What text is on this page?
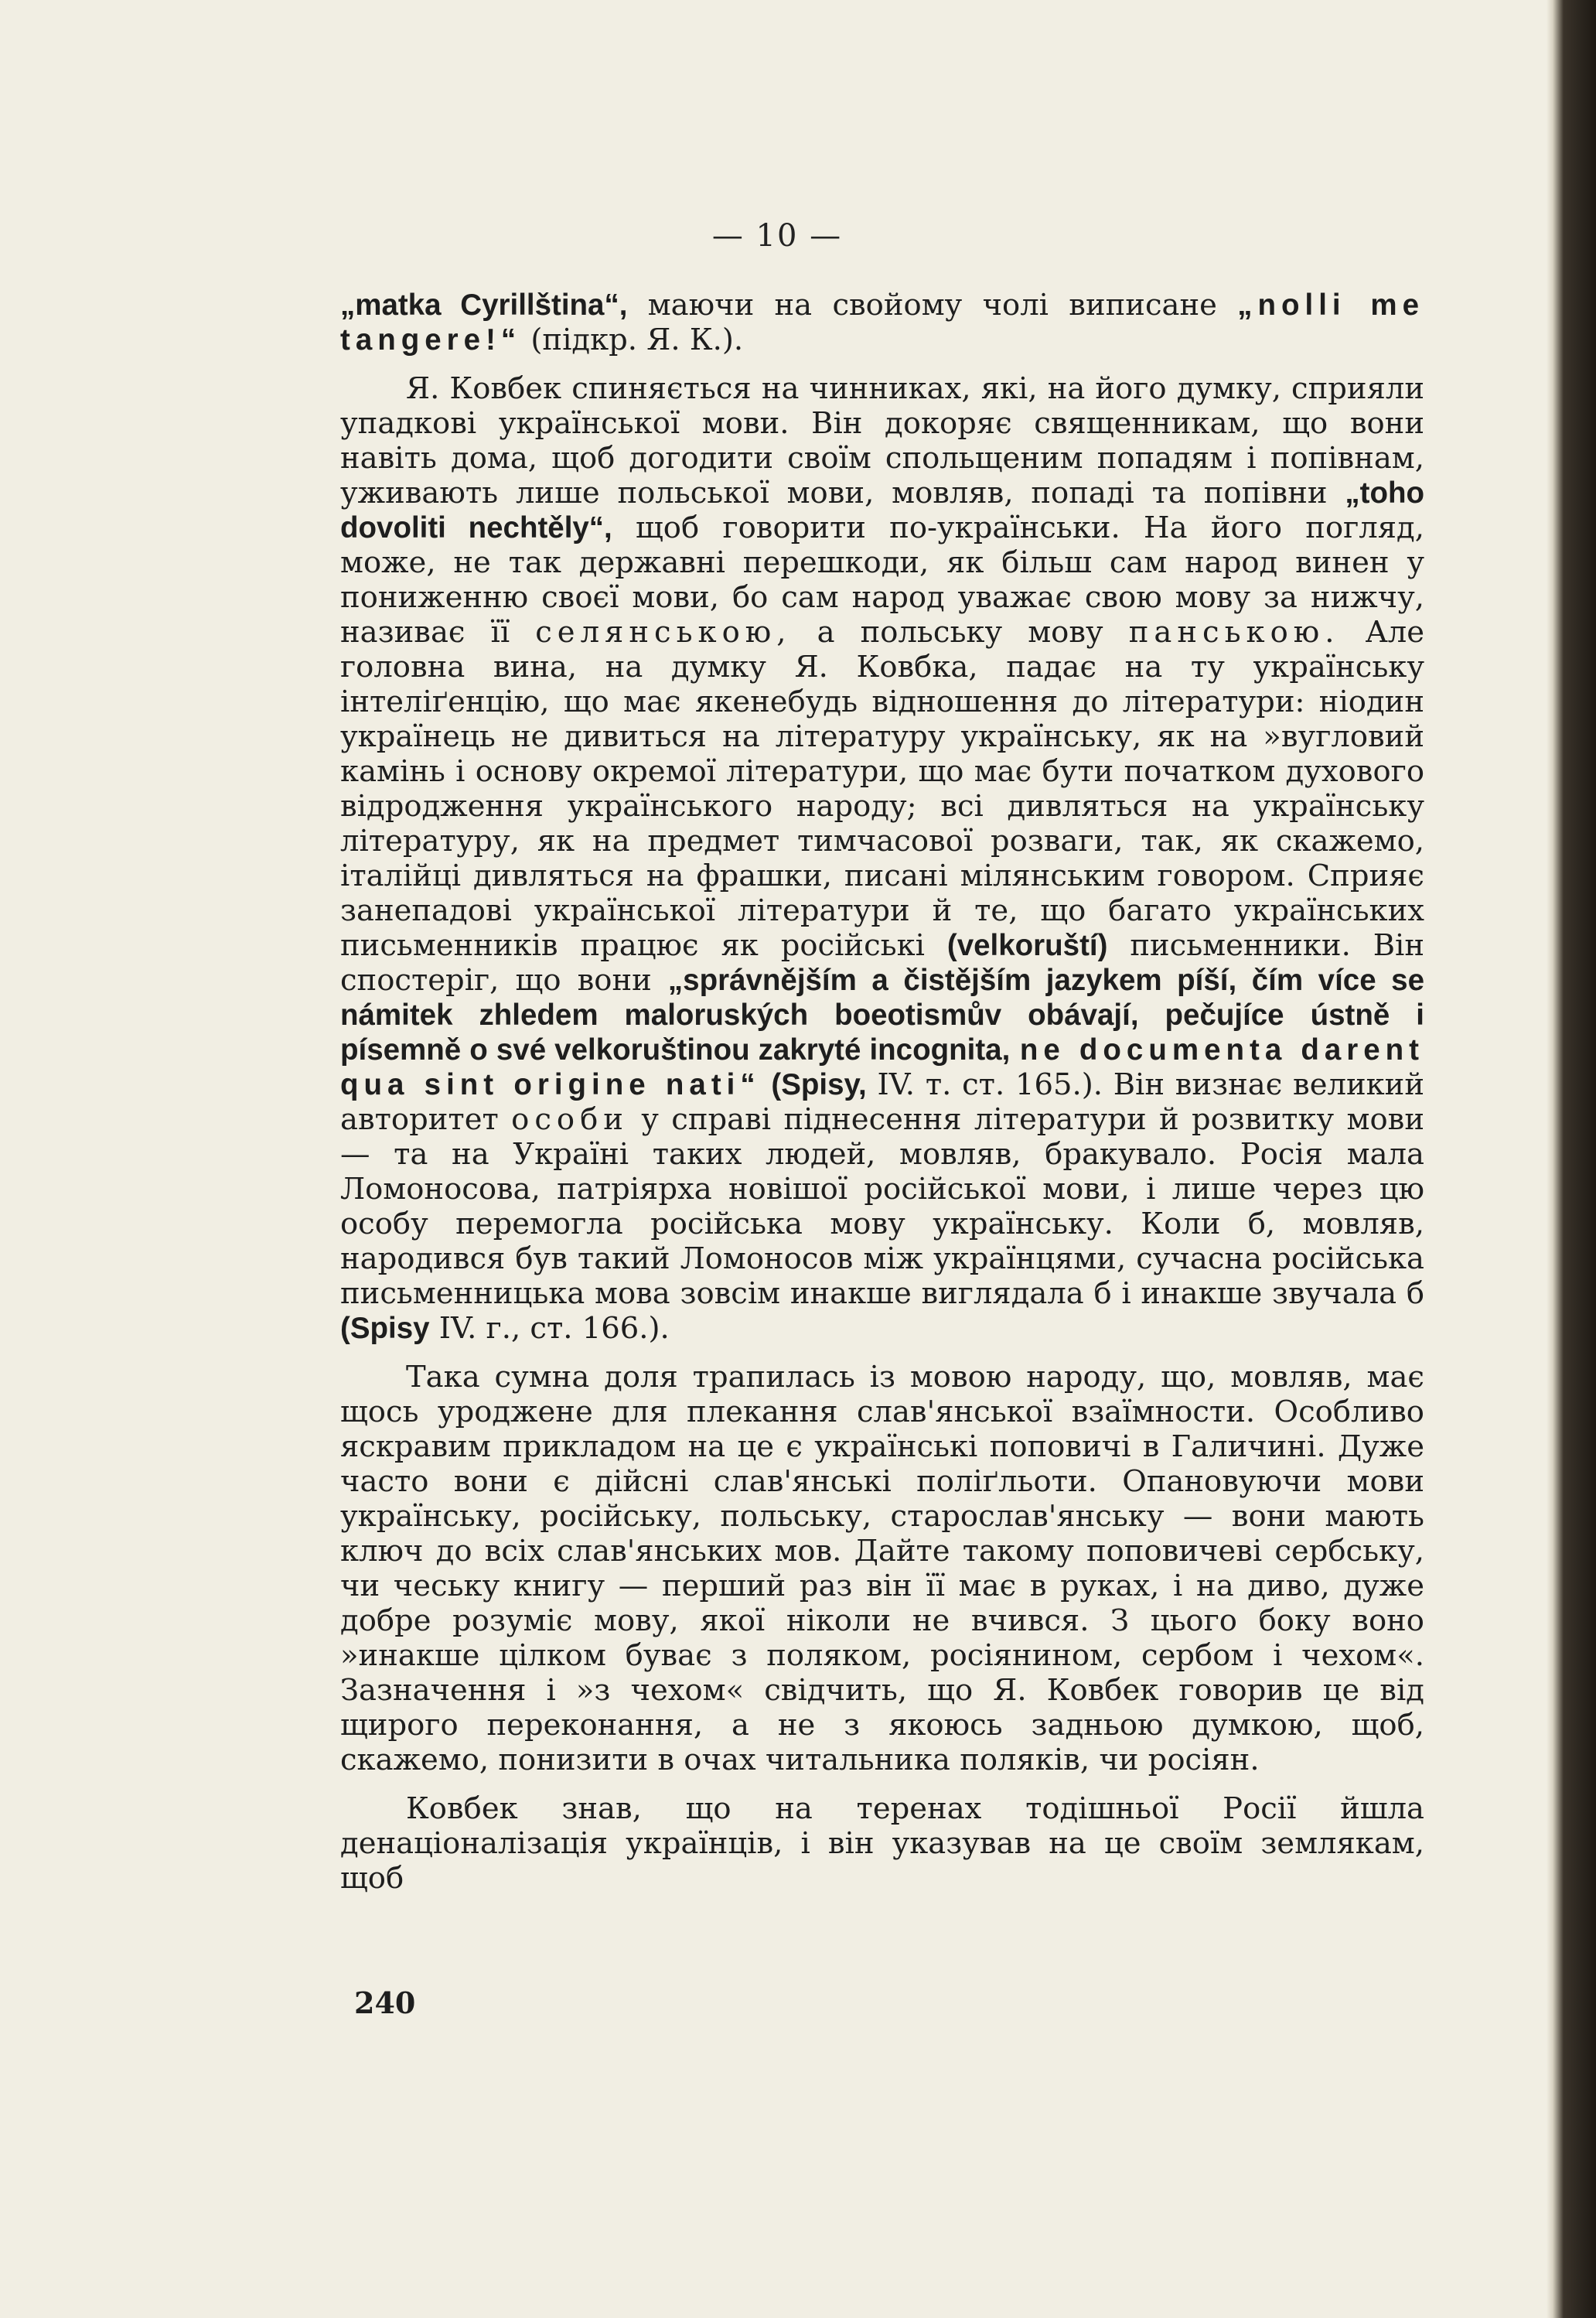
— 10 —

„matka Cyrillština“, маючи на свойому чолі виписане „nolli me tangere!“ (підкр. Я. К.).

Я. Ковбек спиняється на чинниках, які, на його думку, сприяли упадкові української мови. Він докоряє священникам, що вони навіть дома, щоб догодити своїм спольщеним попадям і попівнам, уживають лише польської мови, мовляв, попаді та попівни „toho dovoliti nechtěly“, щоб говорити по-українськи. На його погляд, може, не так державні перешкоди, як більш сам народ винен у пониженню своєї мови, бо сам народ уважає свою мову за нижчу, називає її селянською, а польську мову панською. Але головна вина, на думку Я. Ковбка, падає на ту українську інтеліґенцію, що має якенебудь відношення до літератури: ніодин українець не дивиться на літературу українську, як на »вугловий камінь і основу окремої літератури, що має бути початком духового відродження українського народу; всі дивляться на українську літературу, як на предмет тимчасової розваги, так, як скажемо, італійці дивляться на фрашки, писані мілянським говором. Сприяє занепадові української літератури й те, що багато українських письменників працює як російські (velkoruští) письменники. Він спостеріг, що вони „správnějším a čistějším jazykem píší, čím více se námitek zhledem maloruských boeotismův obávají, pečujíce ústně i písemně o své velkoruštinou zakryté incognita, ne documenta darent qua sint origine nati“ (Spisy, IV. т. ст. 165.). Він визнає великий авторитет особи у справі піднесення літератури й розвитку мови — та на Україні таких людей, мовляв, бракувало. Росія мала Ломоносова, патріярха новішої російської мови, і лише через цю особу перемогла російська мову українську. Коли б, мовляв, народився був такий Ломоносов між українцями, сучасна російська письменницька мова зовсім инакше виглядала б і инакше звучала б (Spisy IV. г., ст. 166.).

Така сумна доля трапилась із мовою народу, що, мовляв, має щось уроджене для плекання слав'янської взаїмности. Особливо яскравим прикладом на це є українські поповичі в Галичині. Дуже часто вони є дійсні слав'янські поліґльоти. Опановуючи мови українську, російську, польську, старослав'янську — вони мають ключ до всіх слав'янських мов. Дайте такому поповичеві сербську, чи чеську книгу — перший раз він її має в руках, і на диво, дуже добре розуміє мову, якої ніколи не вчився. З цього боку воно »инакше цілком буває з поляком, росіянином, сербом і чехом«. Зазначення і »з чехом« свідчить, що Я. Ковбек говорив це від щирого переконання, а не з якоюсь задньою думкою, щоб, скажемо, понизити в очах читальника поляків, чи росіян.

Ковбек знав, що на теренах тодішньої Росії йшла денаціоналізація українців, і він указував на це своїм землякам, щоб

240
